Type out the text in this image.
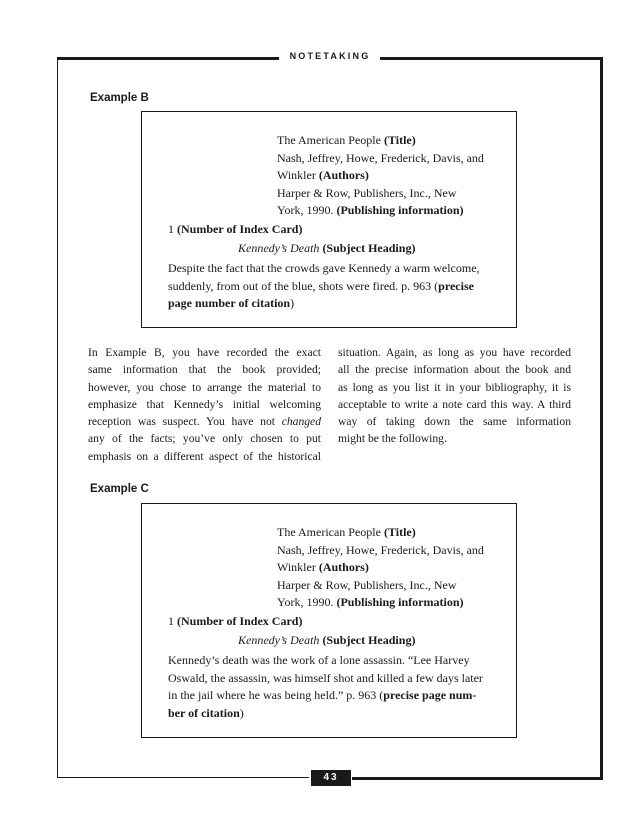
NOTETAKING
43
Example B
The American People (Title)
Nash, Jeffrey, Howe, Frederick, Davis, and
Winkler (Authors)
Harper & Row, Publishers, Inc., New
York, 1990. (Publishing information)
1 (Number of Index Card)
Kennedy’s Death (Subject Heading)
Despite the fact that the crowds gave Kennedy a warm welcome,
suddenly, from out of the blue, shots were fired. p. 963 (precise
page number of citation)
In Example B, you have recorded the exact
same information that the book provided;
however, you chose to arrange the material to
emphasize that Kennedy’s initial welcoming
reception was suspect. You have not changed
any of the facts; you’ve only chosen to put
emphasis on a different aspect of the historical
situation. Again, as long as you have recorded
all the precise information about the book and
as long as you list it in your bibliography, it is
acceptable to write a note card this way. A third
way of taking down the same information
might be the following.
Example C
The American People (Title)
Nash, Jeffrey, Howe, Frederick, Davis, and
Winkler (Authors)
Harper & Row, Publishers, Inc., New
York, 1990. (Publishing information)
1 (Number of Index Card)
Kennedy’s Death (Subject Heading)
Kennedy’s death was the work of a lone assassin. “Lee Harvey
Oswald, the assassin, was himself shot and killed a few days later
in the jail where he was being held.” p. 963 (precise page num-
ber of citation)
